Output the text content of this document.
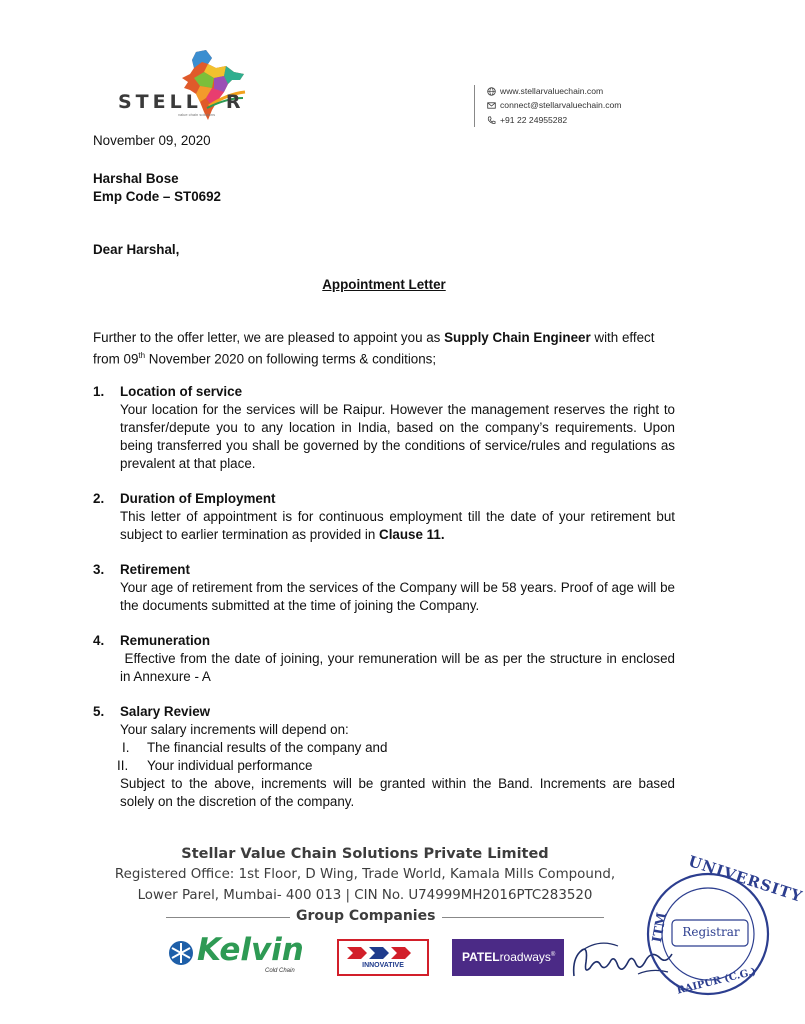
STELL R
value chain solutions
www.stellarvaluechain.com
connect@stellarvaluechain.com
+91 22 24955282
November 09, 2020
Harshal Bose
Emp Code – ST0692
Dear Harshal,
Appointment Letter
Further to the offer letter, we are pleased to appoint you as Supply Chain Engineer with effect
from 09th November 2020 on following terms & conditions;
1. Location of service
Your location for the services will be Raipur. However the management reserves the right to transfer/depute you to any location in India, based on the company’s requirements. Upon being transferred you shall be governed by the conditions of service/rules and regulations as prevalent at that place.
2. Duration of Employment
This letter of appointment is for continuous employment till the date of your retirement but subject to earlier termination as provided in Clause 11.
3. Retirement
Your age of retirement from the services of the Company will be 58 years. Proof of age will be the documents submitted at the time of joining the Company.
4. Remuneration
Effective from the date of joining, your remuneration will be as per the structure in enclosed in Annexure - A
5. Salary Review
Your salary increments will depend on:
I. The financial results of the company and
II. Your individual performance
Subject to the above, increments will be granted within the Band. Increments are based solely on the discretion of the company.
Stellar Value Chain Solutions Private Limited
Registered Office: 1st Floor, D Wing, Trade World, Kamala Mills Compound,
Lower Parel, Mumbai- 400 013 | CIN No. U74999MH2016PTC283520
Group Companies
Kelvin
Cold Chain
INNOVATIVE
PATELroadways®
UNIVERSITY
ITM	Registrar
RAIPUR (C.G.)
